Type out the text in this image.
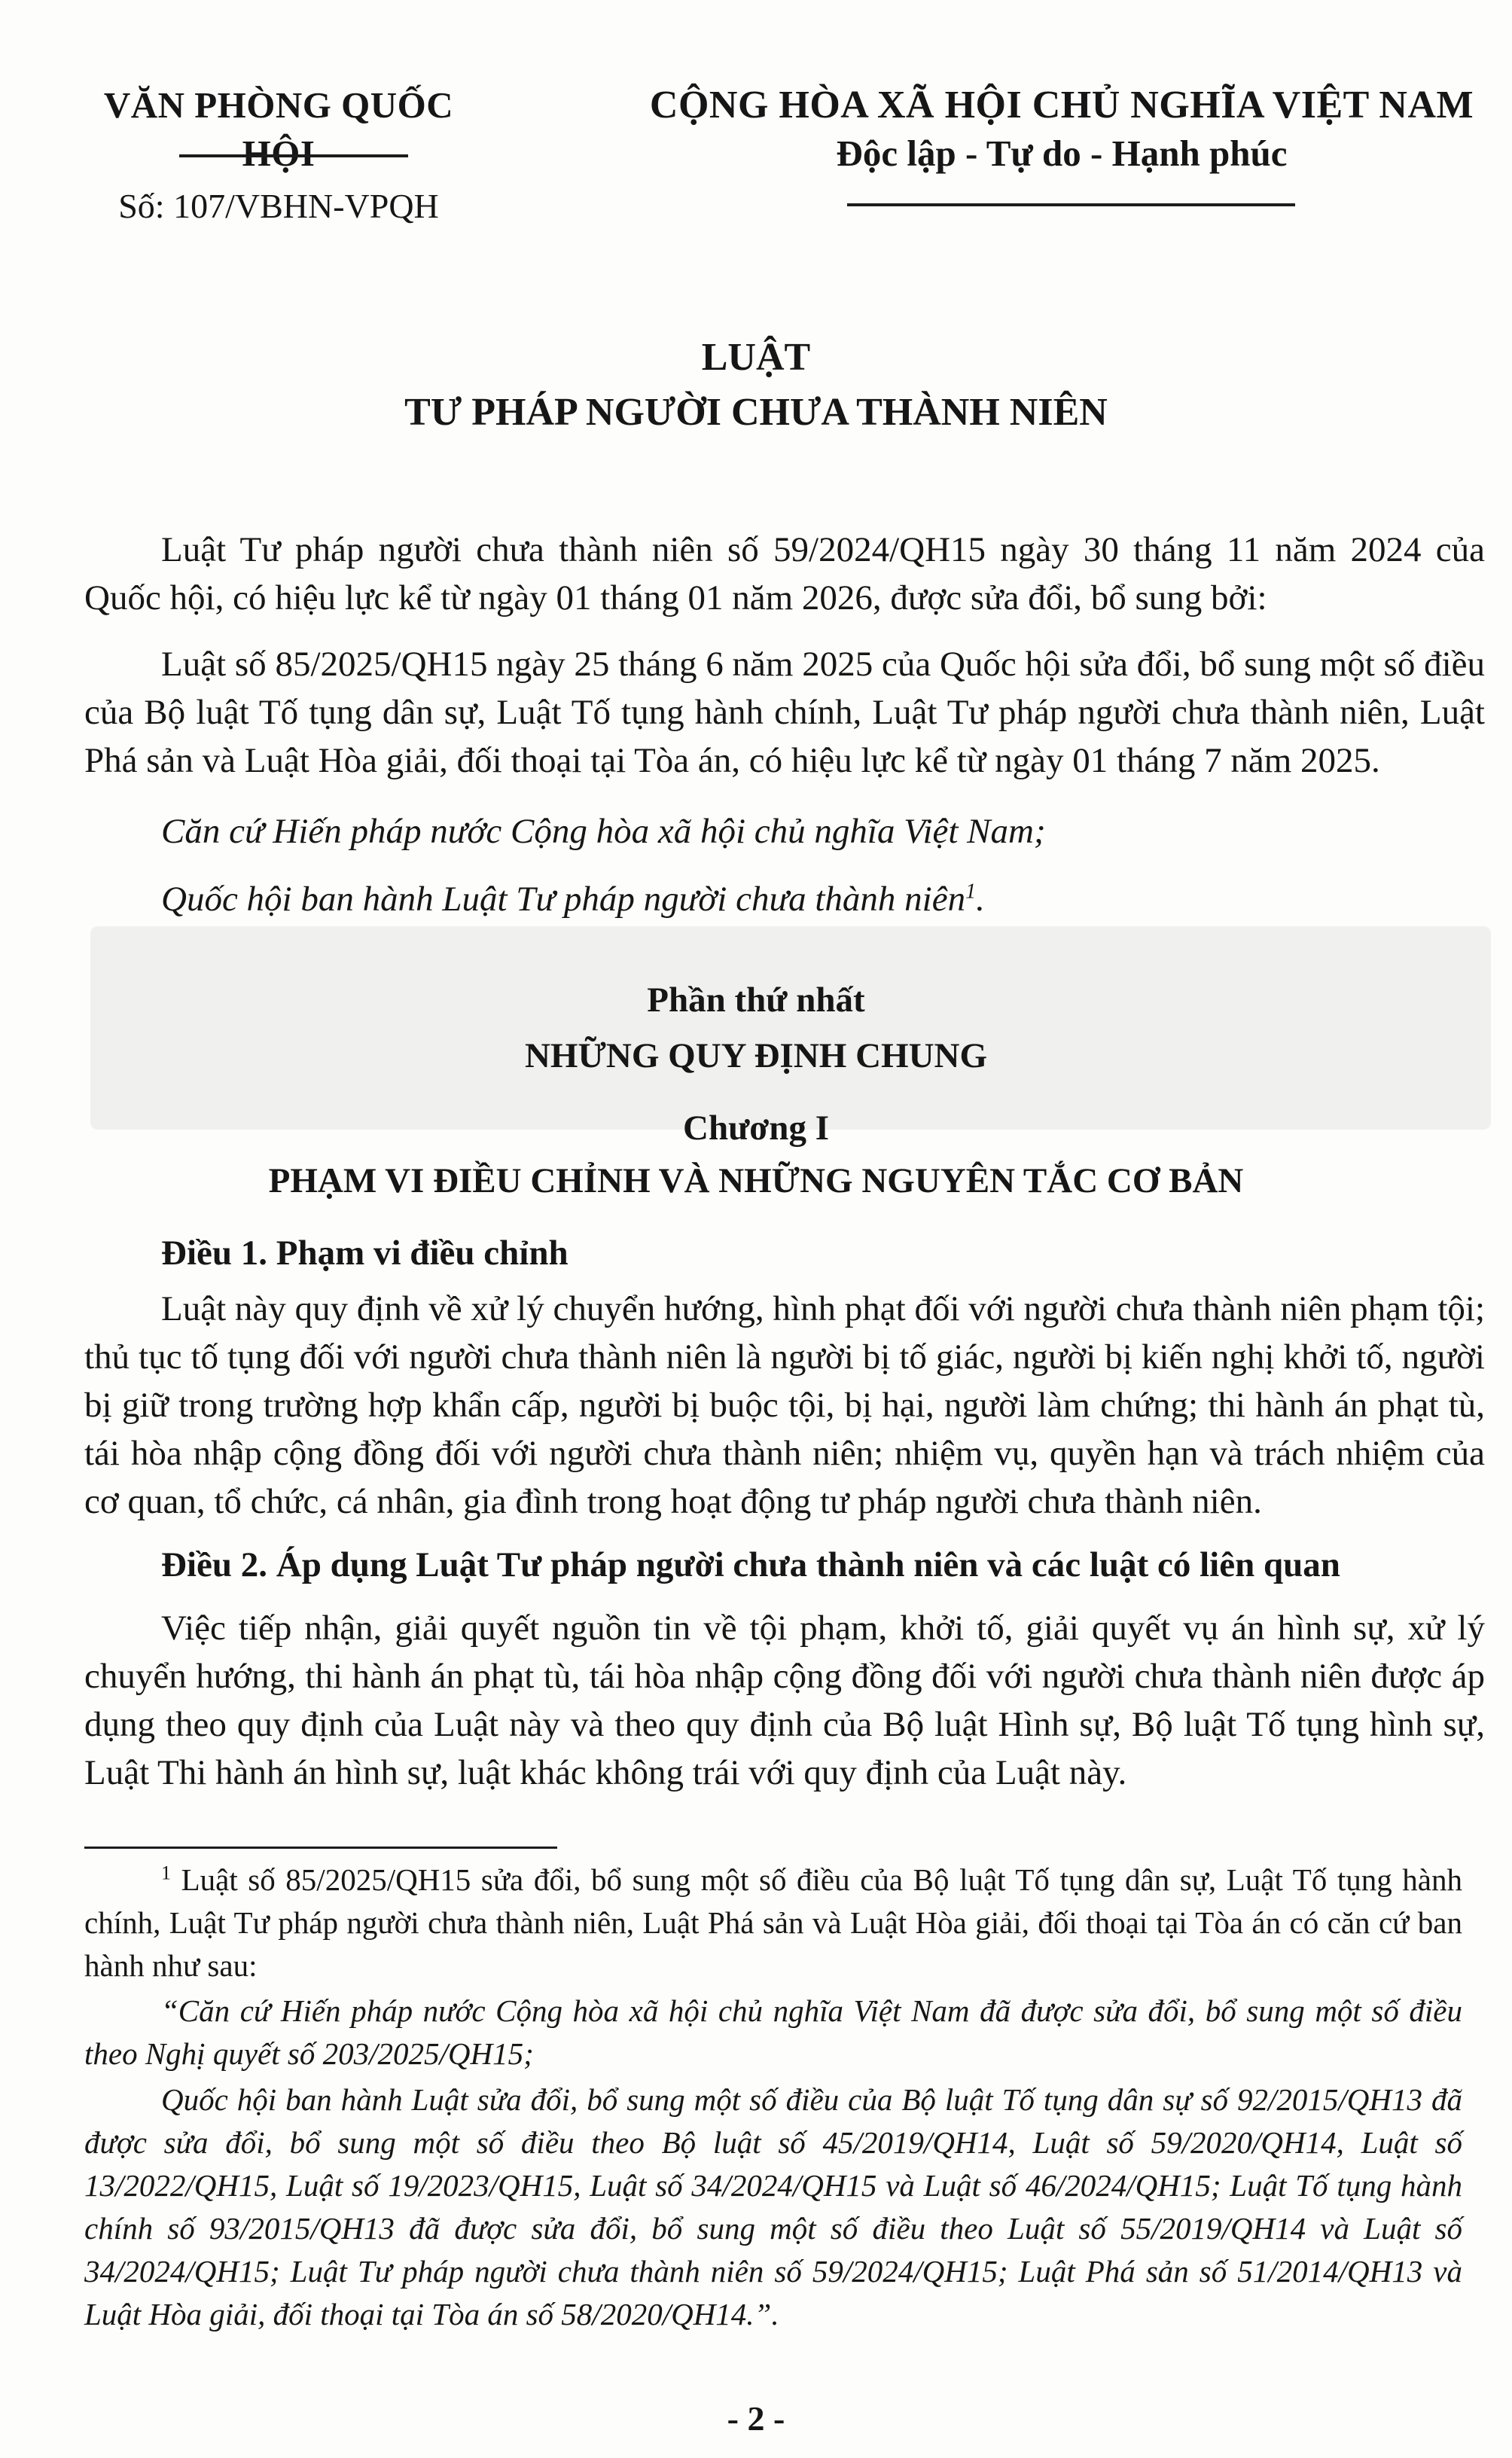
VĂN PHÒNG QUỐC HỘI
Số: 107/VBHN-VPQH
CỘNG HÒA XÃ HỘI CHỦ NGHĨA VIỆT NAM
Độc lập - Tự do - Hạnh phúc
LUẬT
TƯ PHÁP NGƯỜI CHƯA THÀNH NIÊN
Luật Tư pháp người chưa thành niên số 59/2024/QH15 ngày 30 tháng 11 năm 2024 của Quốc hội, có hiệu lực kể từ ngày 01 tháng 01 năm 2026, được sửa đổi, bổ sung bởi:
Luật số 85/2025/QH15 ngày 25 tháng 6 năm 2025 của Quốc hội sửa đổi, bổ sung một số điều của Bộ luật Tố tụng dân sự, Luật Tố tụng hành chính, Luật Tư pháp người chưa thành niên, Luật Phá sản và Luật Hòa giải, đối thoại tại Tòa án, có hiệu lực kể từ ngày 01 tháng 7 năm 2025.
Căn cứ Hiến pháp nước Cộng hòa xã hội chủ nghĩa Việt Nam;
Quốc hội ban hành Luật Tư pháp người chưa thành niên$^1$.
Phần thứ nhất
NHỮNG QUY ĐỊNH CHUNG
Chương I
PHẠM VI ĐIỀU CHỈNH VÀ NHỮNG NGUYÊN TẮC CƠ BẢN
Điều 1. Phạm vi điều chỉnh
Luật này quy định về xử lý chuyển hướng, hình phạt đối với người chưa thành niên phạm tội; thủ tục tố tụng đối với người chưa thành niên là người bị tố giác, người bị kiến nghị khởi tố, người bị giữ trong trường hợp khẩn cấp, người bị buộc tội, bị hại, người làm chứng; thi hành án phạt tù, tái hòa nhập cộng đồng đối với người chưa thành niên; nhiệm vụ, quyền hạn và trách nhiệm của cơ quan, tổ chức, cá nhân, gia đình trong hoạt động tư pháp người chưa thành niên.
Điều 2. Áp dụng Luật Tư pháp người chưa thành niên và các luật có liên quan
Việc tiếp nhận, giải quyết nguồn tin về tội phạm, khởi tố, giải quyết vụ án hình sự, xử lý chuyển hướng, thi hành án phạt tù, tái hòa nhập cộng đồng đối với người chưa thành niên được áp dụng theo quy định của Luật này và theo quy định của Bộ luật Hình sự, Bộ luật Tố tụng hình sự, Luật Thi hành án hình sự, luật khác không trái với quy định của Luật này.
$^1$ Luật số 85/2025/QH15 sửa đổi, bổ sung một số điều của Bộ luật Tố tụng dân sự, Luật Tố tụng hành chính, Luật Tư pháp người chưa thành niên, Luật Phá sản và Luật Hòa giải, đối thoại tại Tòa án có căn cứ ban hành như sau:
“Căn cứ Hiến pháp nước Cộng hòa xã hội chủ nghĩa Việt Nam đã được sửa đổi, bổ sung một số điều theo Nghị quyết số 203/2025/QH15;
Quốc hội ban hành Luật sửa đổi, bổ sung một số điều của Bộ luật Tố tụng dân sự số 92/2015/QH13 đã được sửa đổi, bổ sung một số điều theo Bộ luật số 45/2019/QH14, Luật số 59/2020/QH14, Luật số 13/2022/QH15, Luật số 19/2023/QH15, Luật số 34/2024/QH15 và Luật số 46/2024/QH15; Luật Tố tụng hành chính số 93/2015/QH13 đã được sửa đổi, bổ sung một số điều theo Luật số 55/2019/QH14 và Luật số 34/2024/QH15; Luật Tư pháp người chưa thành niên số 59/2024/QH15; Luật Phá sản số 51/2014/QH13 và Luật Hòa giải, đối thoại tại Tòa án số 58/2020/QH14.”.
- 2 -
